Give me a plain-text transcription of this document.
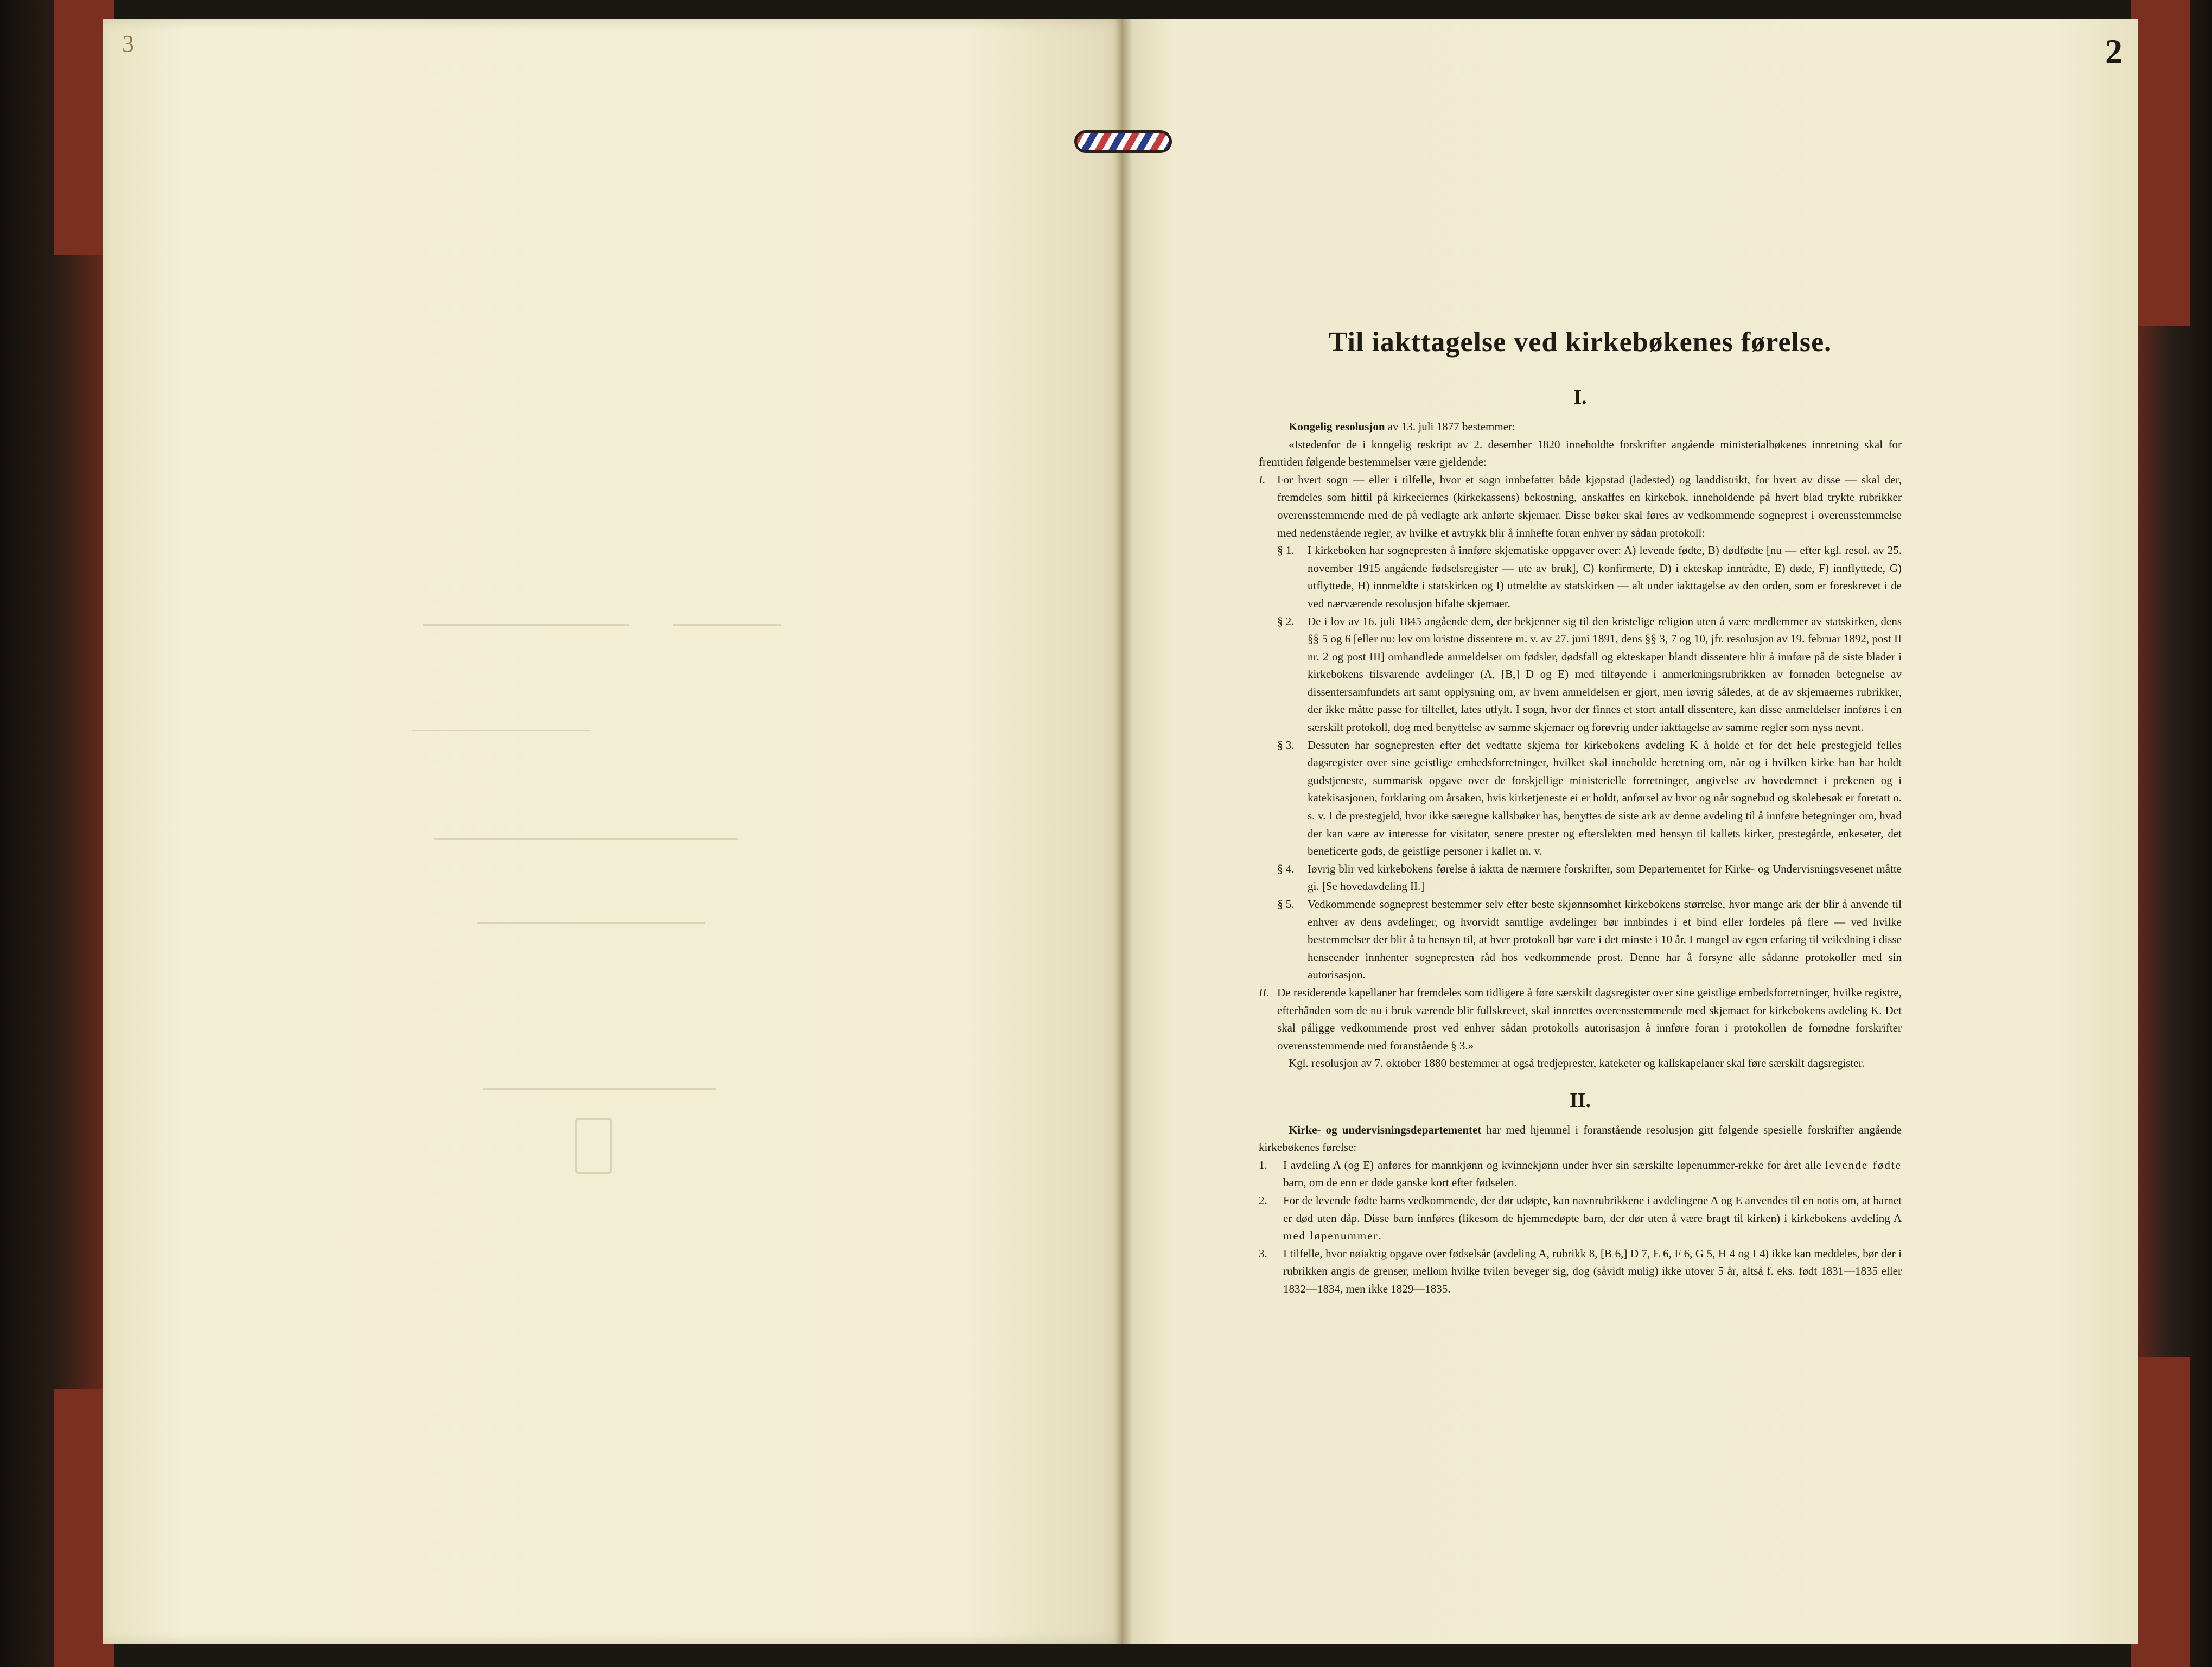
3	2
Til iakttagelse ved kirkebøkenes førelse.
I.

Kongelig resolusjon av 13. juli 1877 bestemmer:

«Istedenfor de i kongelig reskript av 2. desember 1820 inneholdte forskrifter angående ministerialbøkenes innretning skal for fremtiden følgende bestemmelser være gjeldende:

I.	For hvert sogn — eller i tilfelle, hvor et sogn innbefatter både kjøpstad (ladested) og landdistrikt, for hvert av disse — skal der, fremdeles som hittil på kirkeeiernes (kirkekassens) bekostning, anskaffes en kirkebok, inneholdende på hvert blad trykte rubrikker overensstemmende med de på vedlagte ark anførte skjemaer. Disse bøker skal føres av vedkommende sogneprest i overensstemmelse med nedenstående regler, av hvilke et avtrykk blir å innhefte foran enhver ny sådan protokoll:
§ 1.	I kirkeboken har sognepresten å innføre skjematiske oppgaver over: A) levende fødte, B) dødfødte [nu — efter kgl. resol. av 25. november 1915 angående fødselsregister — ute av bruk], C) konfirmerte, D) i ekteskap inntrådte, E) døde, F) innflyttede, G) utflyttede, H) innmeldte i statskirken og I) utmeldte av statskirken — alt under iakttagelse av den orden, som er foreskrevet i de ved nærværende resolusjon bifalte skjemaer.
§ 2.	De i lov av 16. juli 1845 angående dem, der bekjenner sig til den kristelige religion uten å være medlemmer av statskirken, dens §§ 5 og 6 [eller nu: lov om kristne dissentere m. v. av 27. juni 1891, dens §§ 3, 7 og 10, jfr. resolusjon av 19. februar 1892, post II nr. 2 og post III] omhandlede anmeldelser om fødsler, dødsfall og ekteskaper blandt dissentere blir å innføre på de siste blader i kirkebokens tilsvarende avdelinger (A, [B,] D og E) med tilføyende i anmerkningsrubrikken av fornøden betegnelse av dissentersamfundets art samt opplysning om, av hvem anmeldelsen er gjort, men iøvrig således, at de av skjemaernes rubrikker, der ikke måtte passe for tilfellet, lates utfylt. I sogn, hvor der finnes et stort antall dissentere, kan disse anmeldelser innføres i en særskilt protokoll, dog med benyttelse av samme skjemaer og forøvrig under iakttagelse av samme regler som nyss nevnt.
§ 3.	Dessuten har sognepresten efter det vedtatte skjema for kirkebokens avdeling K å holde et for det hele prestegjeld felles dagsregister over sine geistlige embedsforretninger, hvilket skal inneholde beretning om, når og i hvilken kirke han har holdt gudstjeneste, summarisk opgave over de forskjellige ministerielle forretninger, angivelse av hovedemnet i prekenen og i katekisasjonen, forklaring om årsaken, hvis kirketjeneste ei er holdt, anførsel av hvor og når sognebud og skolebesøk er foretatt o. s. v. I de prestegjeld, hvor ikke særegne kallsbøker has, benyttes de siste ark av denne avdeling til å innføre betegninger om, hvad der kan være av interesse for visitator, senere prester og efterslekten med hensyn til kallets kirker, prestegårde, enkeseter, det beneficerte gods, de geistlige personer i kallet m. v.
§ 4.	Iøvrig blir ved kirkebokens førelse å iaktta de nærmere forskrifter, som Departementet for Kirke- og Undervisningsvesenet måtte gi. [Se hovedavdeling II.]
§ 5.	Vedkommende sogneprest bestemmer selv efter beste skjønnsomhet kirkebokens størrelse, hvor mange ark der blir å anvende til enhver av dens avdelinger, og hvorvidt samtlige avdelinger bør innbindes i et bind eller fordeles på flere — ved hvilke bestemmelser der blir å ta hensyn til, at hver protokoll bør vare i det minste i 10 år. I mangel av egen erfaring til veiledning i disse henseender innhenter sognepresten råd hos vedkommende prost. Denne har å forsyne alle sådanne protokoller med sin autorisasjon.
II. De residerende kapellaner har fremdeles som tidligere å føre særskilt dagsregister over sine geistlige embedsforretninger, hvilke registre, efterhånden som de nu i bruk værende blir fullskrevet, skal innrettes overensstemmende med skjemaet for kirkebokens avdeling K. Det skal påligge vedkommende prost ved enhver sådan protokolls autorisasjon å innføre foran i protokollen de fornødne forskrifter overensstemmende med foranstående § 3.»

Kgl. resolusjon av 7. oktober 1880 bestemmer at også tredjeprester, kateketer og kallskapelaner skal føre særskilt dagsregister.

II.

Kirke- og undervisningsdepartementet har med hjemmel i foranstående resolusjon gitt følgende spesielle forskrifter angående kirkebøkenes førelse:

1.	I avdeling A (og E) anføres for mannkjønn og kvinnekjønn under hver sin særskilte løpenummer-rekke for året alle levende fødte barn, om de enn er døde ganske kort efter fødselen.
2.	For de levende fødte barns vedkommende, der dør udøpte, kan navnrubrikkene i avdelingene A og E anvendes til en notis om, at barnet er død uten dåp. Disse barn innføres (likesom de hjemmedøpte barn, der dør uten å være bragt til kirken) i kirkebokens avdeling A med løpenummer.
3.	I tilfelle, hvor nøiaktig opgave over fødselsår (avdeling A, rubrikk 8, [B 6,] D 7, E 6, F 6, G 5, H 4 og I 4) ikke kan meddeles, bør der i rubrikken angis de grenser, mellom hvilke tvilen beveger sig, dog (såvidt mulig) ikke utover 5 år, altså f. eks. født 1831—1835 eller 1832—1834, men ikke 1829—1835.
